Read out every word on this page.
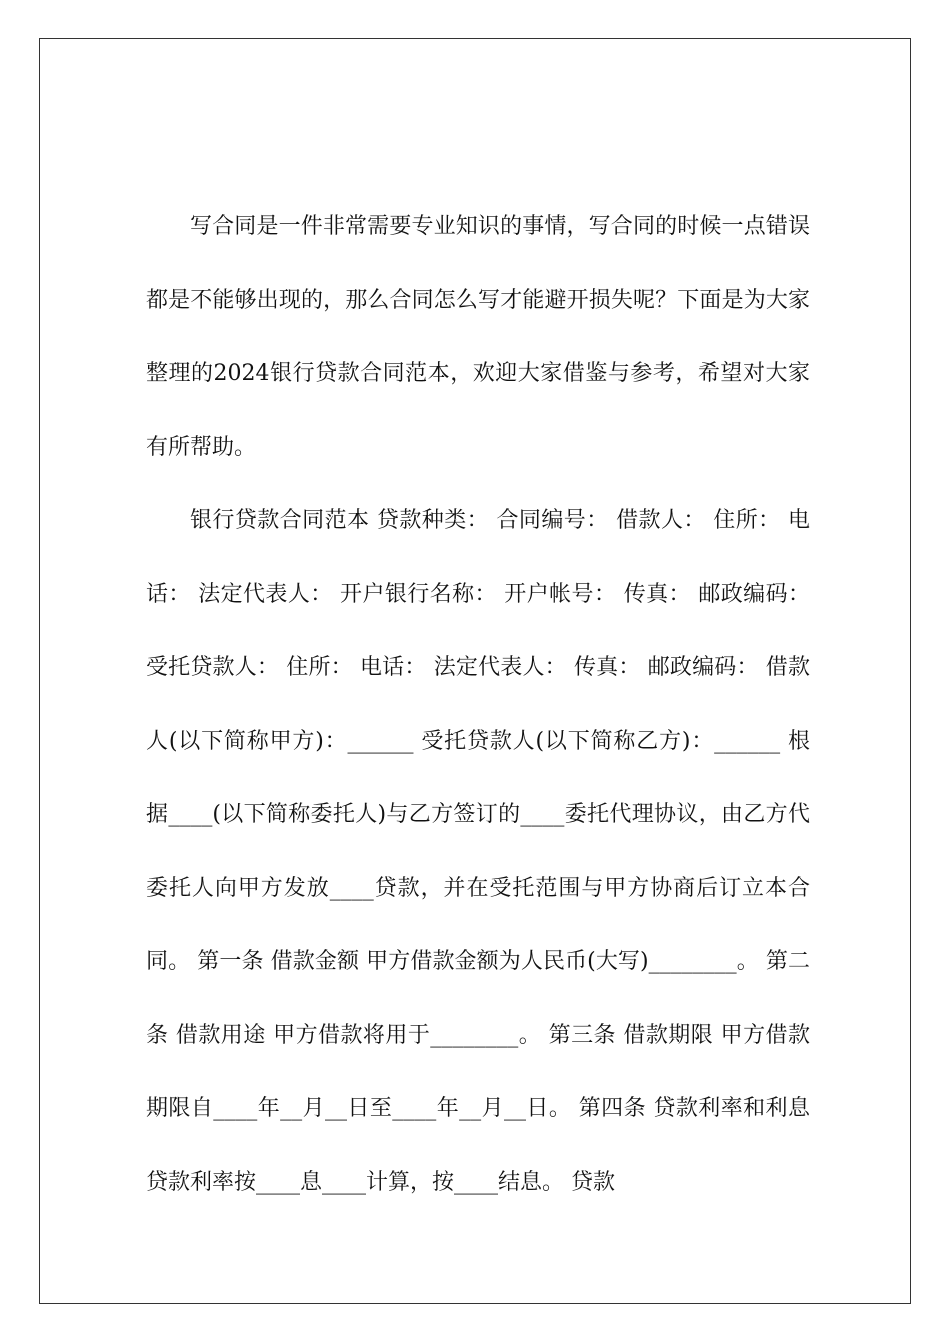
写合同是一件非常需要专业知识的事情，写合同的时候一点错误都是不能够出现的，那么合同怎么写才能避开损失呢？下面是为大家整理的2024银行贷款合同范本，欢迎大家借鉴与参考，希望对大家有所帮助。

银行贷款合同范本 贷款种类： 合同编号： 借款人： 住所： 电话： 法定代表人： 开户银行名称： 开户帐号： 传真： 邮政编码： 受托贷款人： 住所： 电话： 法定代表人： 传真： 邮政编码： 借款人(以下简称甲方)：______ 受托贷款人(以下简称乙方)：______ 根据____(以下简称委托人)与乙方签订的____委托代理协议，由乙方代委托人向甲方发放____贷款，并在受托范围与甲方协商后订立本合同。 第一条 借款金额 甲方借款金额为人民币(大写)________。 第二条 借款用途 甲方借款将用于________。 第三条 借款期限 甲方借款期限自____年__月__日至____年__月__日。 第四条 贷款利率和利息 贷款利率按____息____计算，按____结息。 贷款
